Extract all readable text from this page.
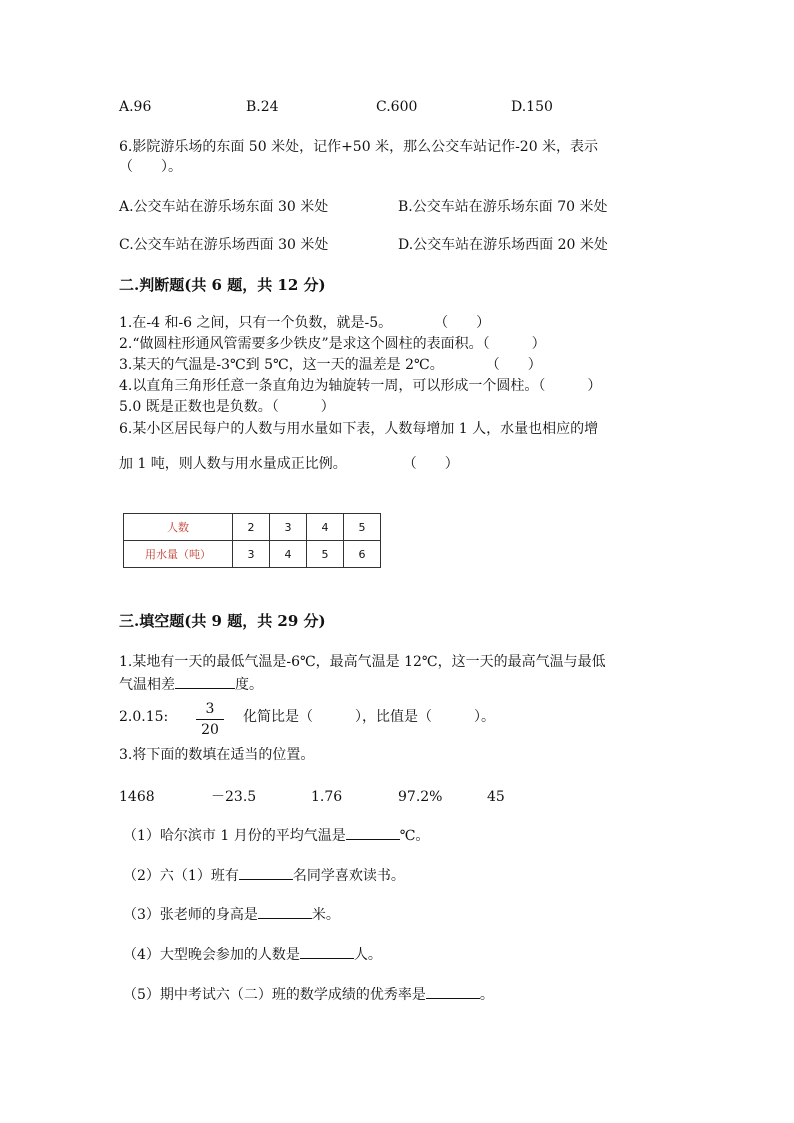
A.96	B.24	C.600	D.150
6.影院游乐场的东面 50 米处，记作+50 米，那么公交车站记作-20 米，表示
（　　）。
A.公交车站在游乐场东面 30 米处	B.公交车站在游乐场东面 70 米处
C.公交车站在游乐场西面 30 米处	D.公交车站在游乐场西面 20 米处
二.判断题(共 6 题，共 12 分)
1.在-4 和-6 之间，只有一个负数，就是-5。　　　　（　　）
2.“做圆柱形通风管需要多少铁皮”是求这个圆柱的表面积。（　　　）
3.某天的气温是-3℃到 5℃，这一天的温差是 2℃。　　　　（　　）
4.以直角三角形任意一条直角边为轴旋转一周，可以形成一个圆柱。（　　　）
5.0 既是正数也是负数。（　　　）
6.某小区居民每户的人数与用水量如下表，人数每增加 1 人，水量也相应的增
加 1 吨，则人数与用水量成正比例。　　　　　（　　）
人数	2	3	4	5
用水量（吨）	3	4	5	6
三.填空题(共 9 题，共 29 分)
1.某地有一天的最低气温是-6℃，最高气温是 12℃，这一天的最高气温与最低
气温相差	度。
2.0.15:	3
20
化简比是（　　　），比值是（　　　）。
3.将下面的数填在适当的位置。
1468	－23.5	1.76	97.2%	45
（1）哈尔滨市 1 月份的平均气温是	℃。
（2）六（1）班有	名同学喜欢读书。
（3）张老师的身高是	米。
（4）大型晚会参加的人数是	人。
（5）期中考试六（二）班的数学成绩的优秀率是	。
